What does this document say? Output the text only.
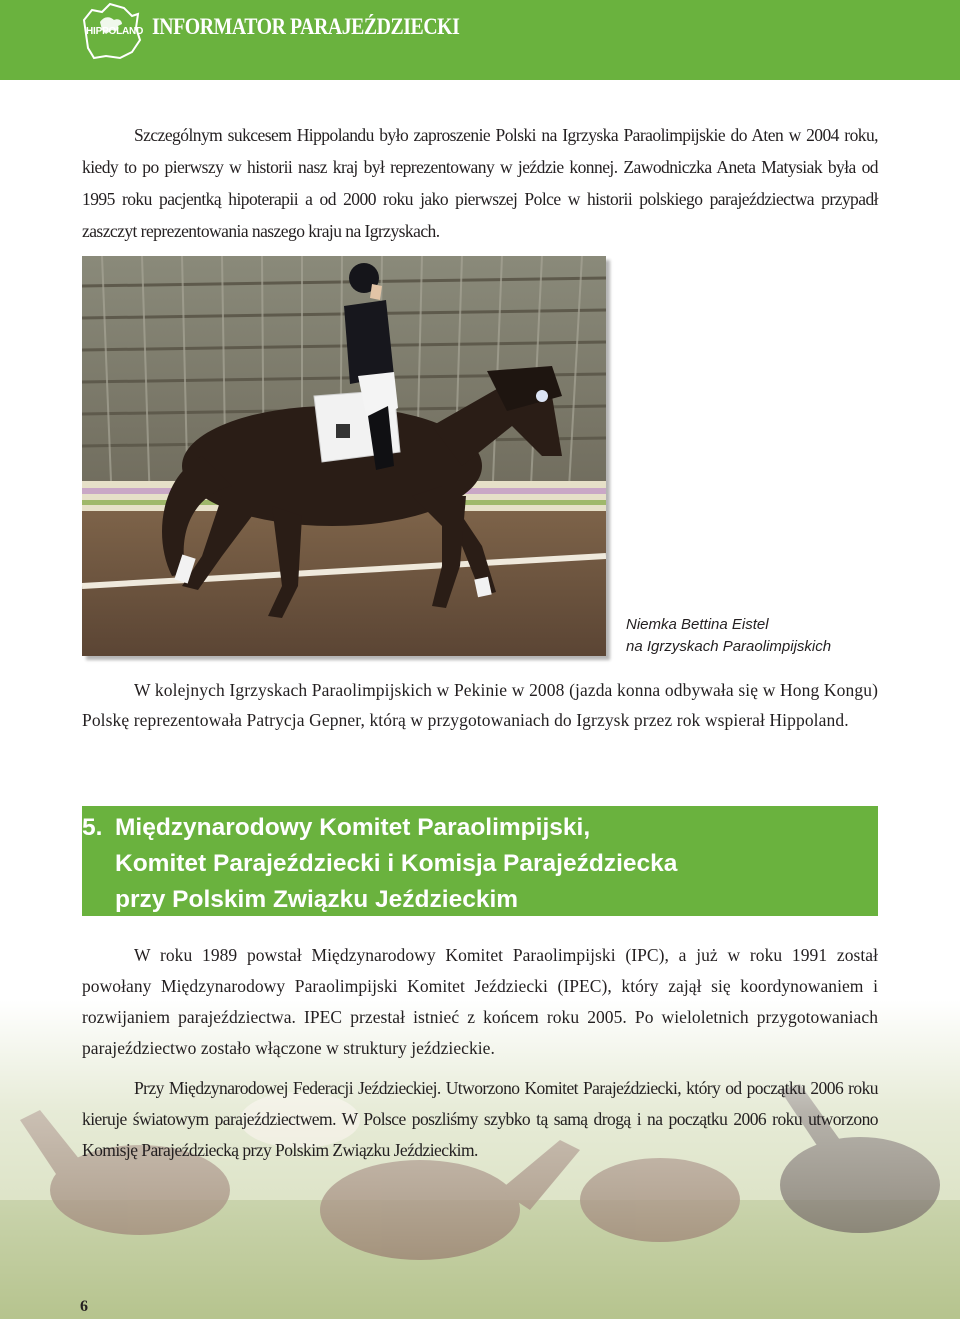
HIPPOLAND INFORMATOR PARAJEŹDZIECKI

Szczególnym sukcesem Hippolandu było zaproszenie Polski na Igrzyska Paraolimpijskie do Aten w 2004 roku, kiedy to po pierwszy w historii nasz kraj był reprezentowany w jeździe konnej. Zawodniczka Aneta Matysiak była od 1995 roku pacjentką hipoterapii a od 2000 roku jako pierwszej Polce w historii polskiego parajeździectwa przypadł zaszczyt reprezentowania naszego kraju na Igrzyskach.

Niemka Bettina Eistel
na Igrzyskach Paraolimpijskich

W kolejnych Igrzyskach Paraolimpijskich w Pekinie w 2008 (jazda konna odbywała się w Hong Kongu) Polskę reprezentowała Patrycja Gepner, którą w przygotowaniach do Igrzysk przez rok wspierał Hippoland.

5. Międzynarodowy Komitet Paraolimpijski,
Komitet Parajeździecki i Komisja Parajeździecka
przy Polskim Związku Jeździeckim

W roku 1989 powstał Międzynarodowy Komitet Paraolimpijski (IPC), a już w roku 1991 został powołany Międzynarodowy Paraolimpijski Komitet Jeździecki (IPEC), który zajął się koordynowaniem i rozwijaniem parajeździectwa. IPEC przestał istnieć z końcem roku 2005. Po wieloletnich przygotowaniach parajeździectwo zostało włączone w struktury jeździeckie.

Przy Międzynarodowej Federacji Jeździeckiej. Utworzono Komitet Parajeździecki, który od początku 2006 roku kieruje światowym parajeździectwem. W Polsce poszliśmy szybko tą samą drogą i na początku 2006 roku utworzono Komisję Parajeździecką przy Polskim Związku Jeździeckim.

6
